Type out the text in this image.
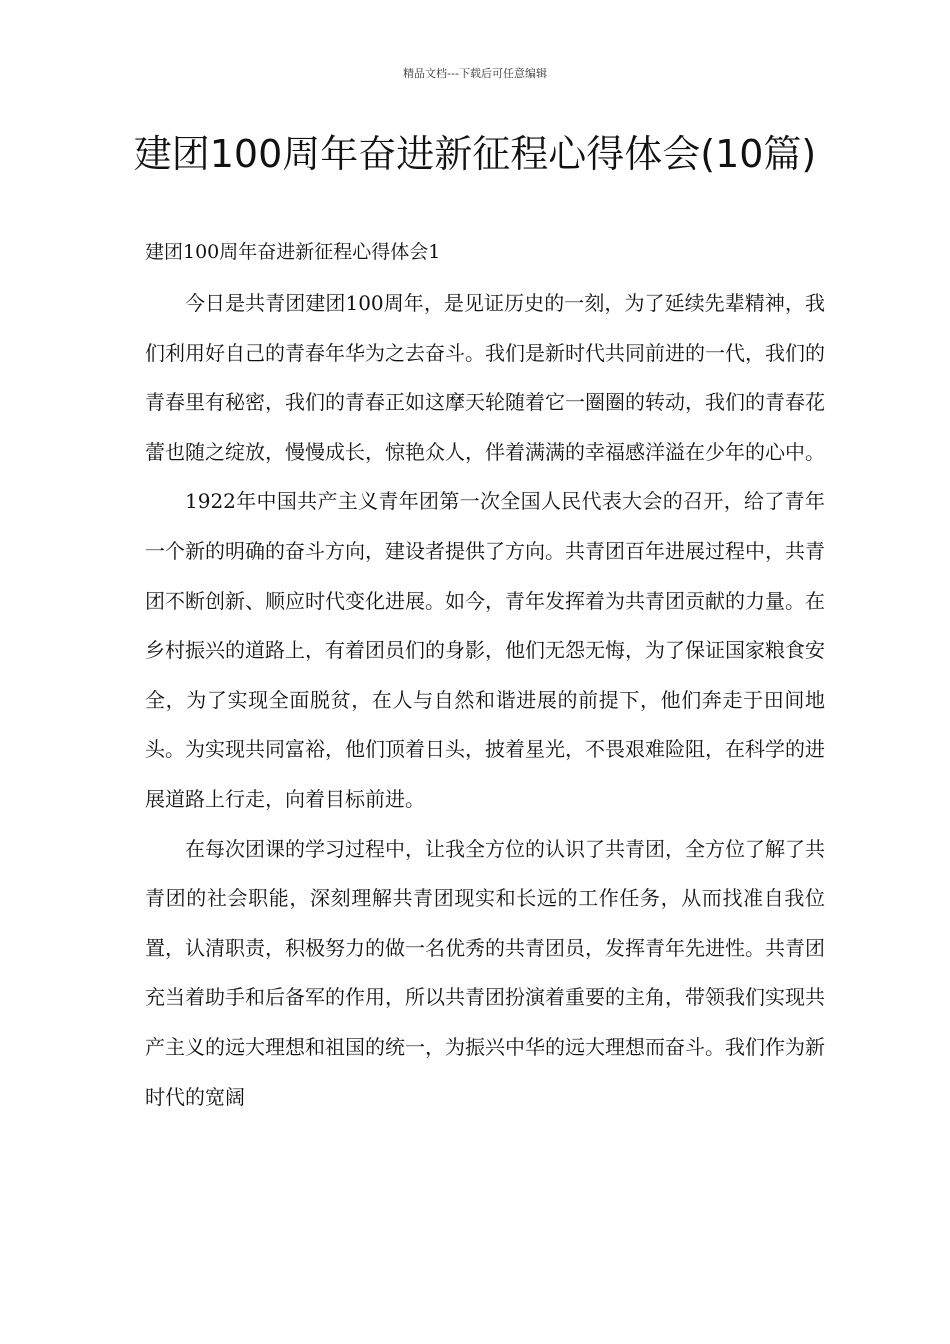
精品文档---下载后可任意编辑
建团100周年奋进新征程心得体会(10篇)
建团100周年奋进新征程心得体会1

今日是共青团建团100周年，是见证历史的一刻，为了延续先辈精神，我们利用好自己的青春年华为之去奋斗。我们是新时代共同前进的一代，我们的青春里有秘密，我们的青春正如这摩天轮随着它一圈圈的转动，我们的青春花蕾也随之绽放，慢慢成长，惊艳众人，伴着满满的幸福感洋溢在少年的心中。

1922年中国共产主义青年团第一次全国人民代表大会的召开，给了青年一个新的明确的奋斗方向，建设者提供了方向。共青团百年进展过程中，共青团不断创新、顺应时代变化进展。如今，青年发挥着为共青团贡献的力量。在乡村振兴的道路上，有着团员们的身影，他们无怨无悔，为了保证国家粮食安全，为了实现全面脱贫，在人与自然和谐进展的前提下，他们奔走于田间地头。为实现共同富裕，他们顶着日头，披着星光，不畏艰难险阻，在科学的进展道路上行走，向着目标前进。

在每次团课的学习过程中，让我全方位的认识了共青团，全方位了解了共青团的社会职能，深刻理解共青团现实和长远的工作任务，从而找准自我位置，认清职责，积极努力的做一名优秀的共青团员，发挥青年先进性。共青团充当着助手和后备军的作用，所以共青团扮演着重要的主角，带领我们实现共产主义的远大理想和祖国的统一，为振兴中华的远大理想而奋斗。我们作为新时代的宽阔
